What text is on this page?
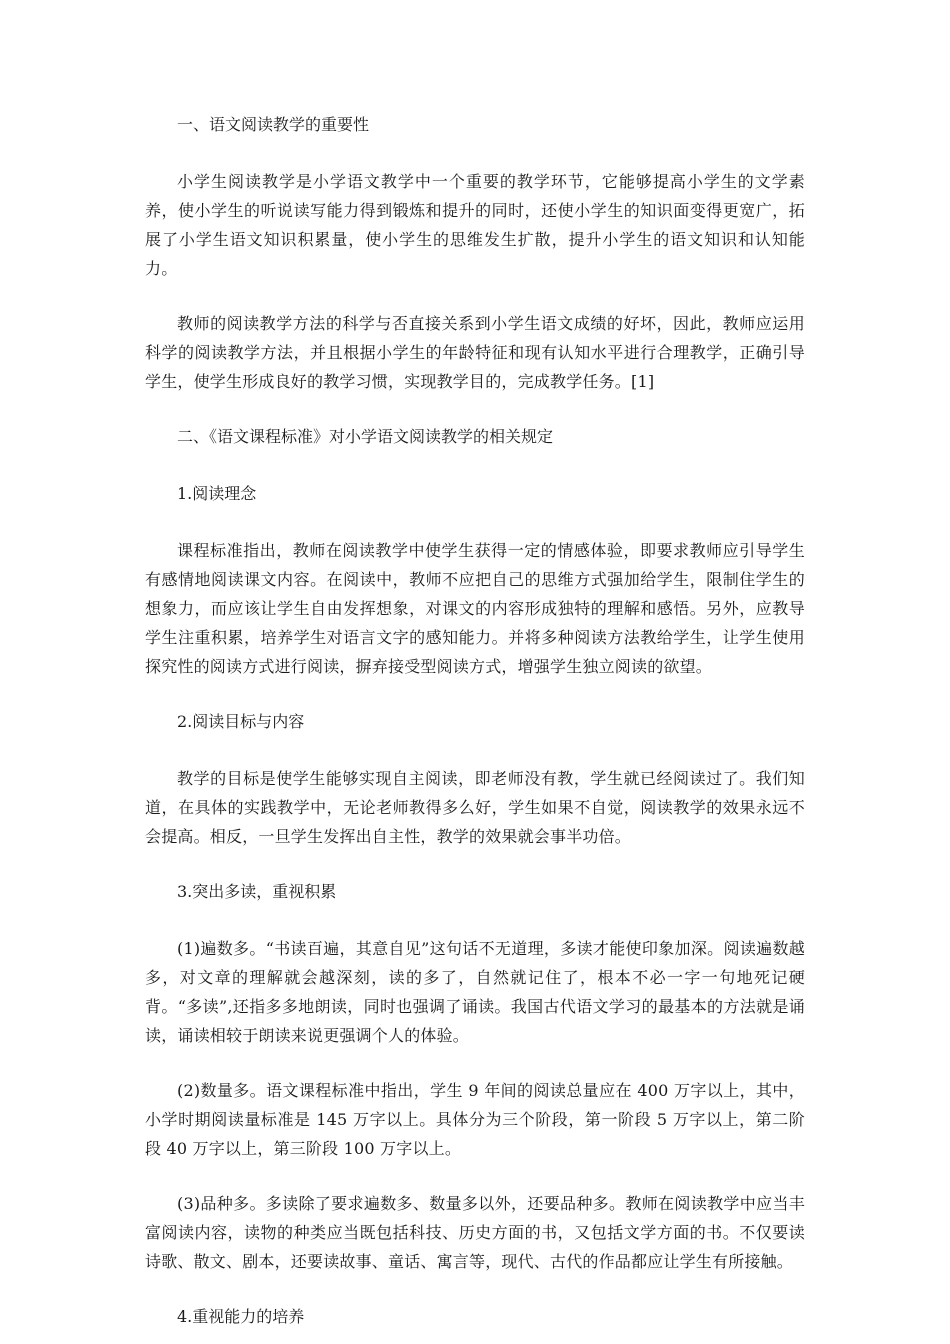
一、语文阅读教学的重要性

小学生阅读教学是小学语文教学中一个重要的教学环节，它能够提高小学生的文学素养，使小学生的听说读写能力得到锻炼和提升的同时，还使小学生的知识面变得更宽广，拓展了小学生语文知识积累量，使小学生的思维发生扩散，提升小学生的语文知识和认知能力。

教师的阅读教学方法的科学与否直接关系到小学生语文成绩的好坏，因此，教师应运用科学的阅读教学方法，并且根据小学生的年龄特征和现有认知水平进行合理教学，正确引导学生，使学生形成良好的教学习惯，实现教学目的，完成教学任务。[1]

二、《语文课程标准》对小学语文阅读教学的相关规定

1.阅读理念

课程标准指出，教师在阅读教学中使学生获得一定的情感体验，即要求教师应引导学生有感情地阅读课文内容。在阅读中，教师不应把自己的思维方式强加给学生，限制住学生的想象力，而应该让学生自由发挥想象，对课文的内容形成独特的理解和感悟。另外，应教导学生注重积累，培养学生对语言文字的感知能力。并将多种阅读方法教给学生，让学生使用探究性的阅读方式进行阅读，摒弃接受型阅读方式，增强学生独立阅读的欲望。

2.阅读目标与内容

教学的目标是使学生能够实现自主阅读，即老师没有教，学生就已经阅读过了。我们知道，在具体的实践教学中，无论老师教得多么好，学生如果不自觉，阅读教学的效果永远不会提高。相反，一旦学生发挥出自主性，教学的效果就会事半功倍。

3.突出多读，重视积累

(1)遍数多。“书读百遍，其意自见”这句话不无道理，多读才能使印象加深。阅读遍数越多，对文章的理解就会越深刻，读的多了，自然就记住了，根本不必一字一句地死记硬背。“多读”,还指多多地朗读，同时也强调了诵读。我国古代语文学习的最基本的方法就是诵读，诵读相较于朗读来说更强调个人的体验。

(2)数量多。语文课程标准中指出，学生 9 年间的阅读总量应在 400 万字以上，其中，小学时期阅读量标准是 145 万字以上。具体分为三个阶段，第一阶段 5 万字以上，第二阶段 40 万字以上，第三阶段 100 万字以上。

(3)品种多。多读除了要求遍数多、数量多以外，还要品种多。教师在阅读教学中应当丰富阅读内容，读物的种类应当既包括科技、历史方面的书，又包括文学方面的书。不仅要读诗歌、散文、剧本，还要读故事、童话、寓言等，现代、古代的作品都应让学生有所接触。

4.重视能力的培养
